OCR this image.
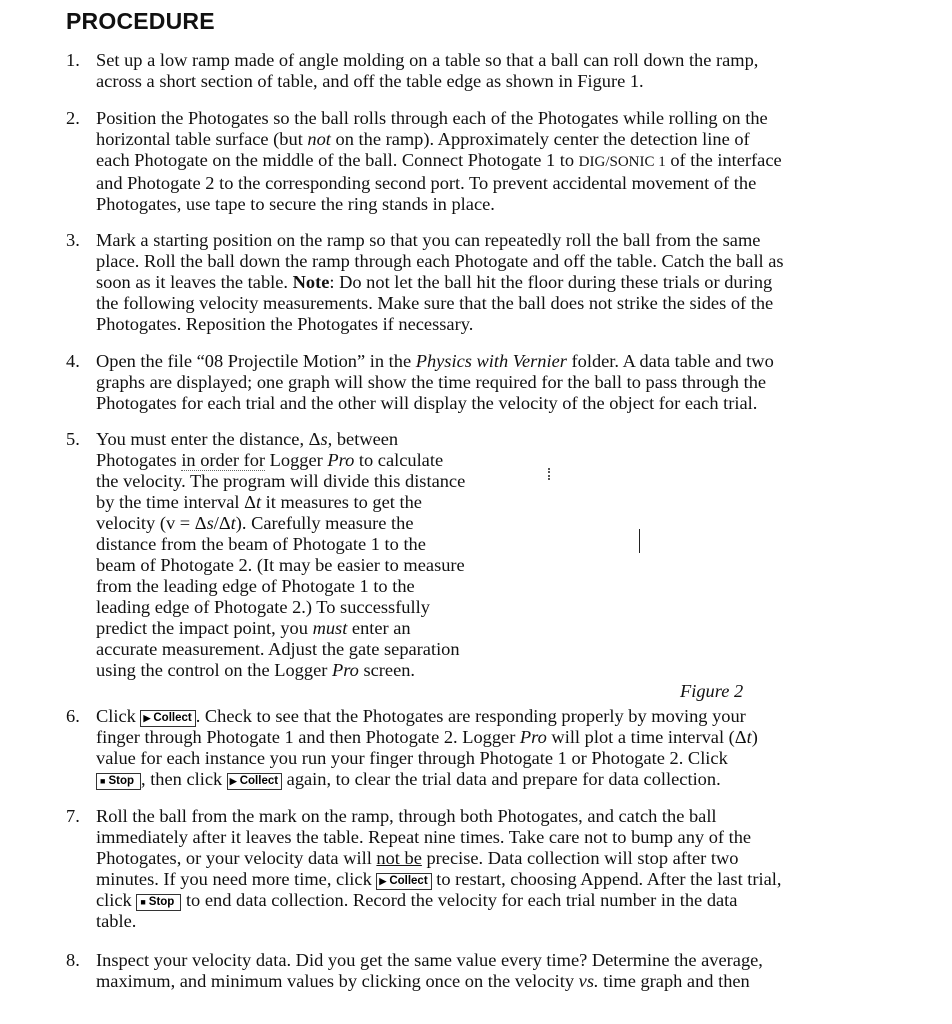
PROCEDURE
1. Set up a low ramp made of angle molding on a table so that a ball can roll down the ramp,
across a short section of table, and off the table edge as shown in Figure 1.
2. Position the Photogates so the ball rolls through each of the Photogates while rolling on the
horizontal table surface (but not on the ramp). Approximately center the detection line of
each Photogate on the middle of the ball. Connect Photogate 1 to DIG/SONIC 1 of the interface
and Photogate 2 to the corresponding second port. To prevent accidental movement of the
Photogates, use tape to secure the ring stands in place.
3. Mark a starting position on the ramp so that you can repeatedly roll the ball from the same
place. Roll the ball down the ramp through each Photogate and off the table. Catch the ball as
soon as it leaves the table. Note: Do not let the ball hit the floor during these trials or during
the following velocity measurements. Make sure that the ball does not strike the sides of the
Photogates. Reposition the Photogates if necessary.
4. Open the file “08 Projectile Motion” in the Physics with Vernier folder. A data table and two
graphs are displayed; one graph will show the time required for the ball to pass through the
Photogates for each trial and the other will display the velocity of the object for each trial.
5. You must enter the distance, Δs, between
Photogates in order for Logger Pro to calculate
the velocity. The program will divide this distance
by the time interval Δt it measures to get the
velocity (v = Δs/Δt). Carefully measure the
distance from the beam of Photogate 1 to the
beam of Photogate 2. (It may be easier to measure
from the leading edge of Photogate 1 to the
leading edge of Photogate 2.) To successfully
predict the impact point, you must enter an
accurate measurement. Adjust the gate separation
using the control on the Logger Pro screen.
Figure 2
6. Click ▶ Collect . Check to see that the Photogates are responding properly by moving your
finger through Photogate 1 and then Photogate 2. Logger Pro will plot a time interval (Δt)
value for each instance you run your finger through Photogate 1 or Photogate 2. Click
■ Stop , then click ▶ Collect again, to clear the trial data and prepare for data collection.
7. Roll the ball from the mark on the ramp, through both Photogates, and catch the ball
immediately after it leaves the table. Repeat nine times. Take care not to bump any of the
Photogates, or your velocity data will not be precise. Data collection will stop after two
minutes. If you need more time, click ▶ Collect to restart, choosing Append. After the last trial,
click ■ Stop to end data collection. Record the velocity for each trial number in the data
table.
8. Inspect your velocity data. Did you get the same value every time? Determine the average,
maximum, and minimum values by clicking once on the velocity vs. time graph and then
